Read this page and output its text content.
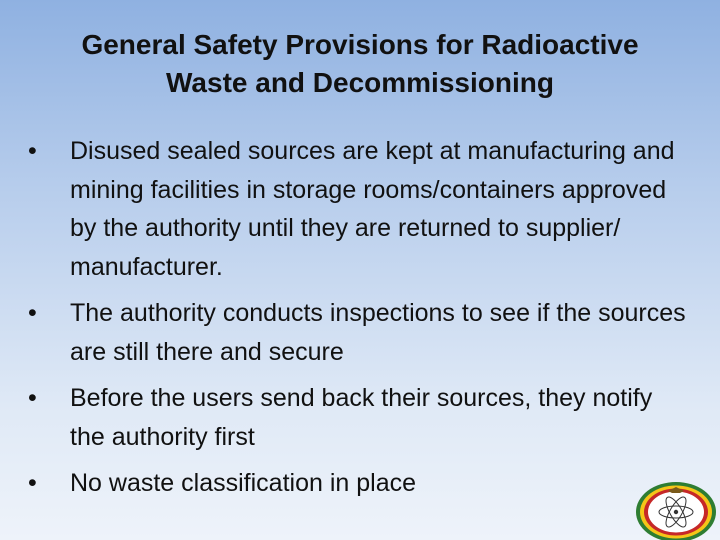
General Safety Provisions for Radioactive
Waste and Decommissioning
•	Disused sealed sources are kept at manufacturing and mining facilities in storage rooms/containers approved by the authority until they are returned to supplier/ manufacturer.
•	The authority conducts inspections to see if the sources are still there and secure
•	Before the users send back their sources, they notify the authority first
•	No waste classification in place
